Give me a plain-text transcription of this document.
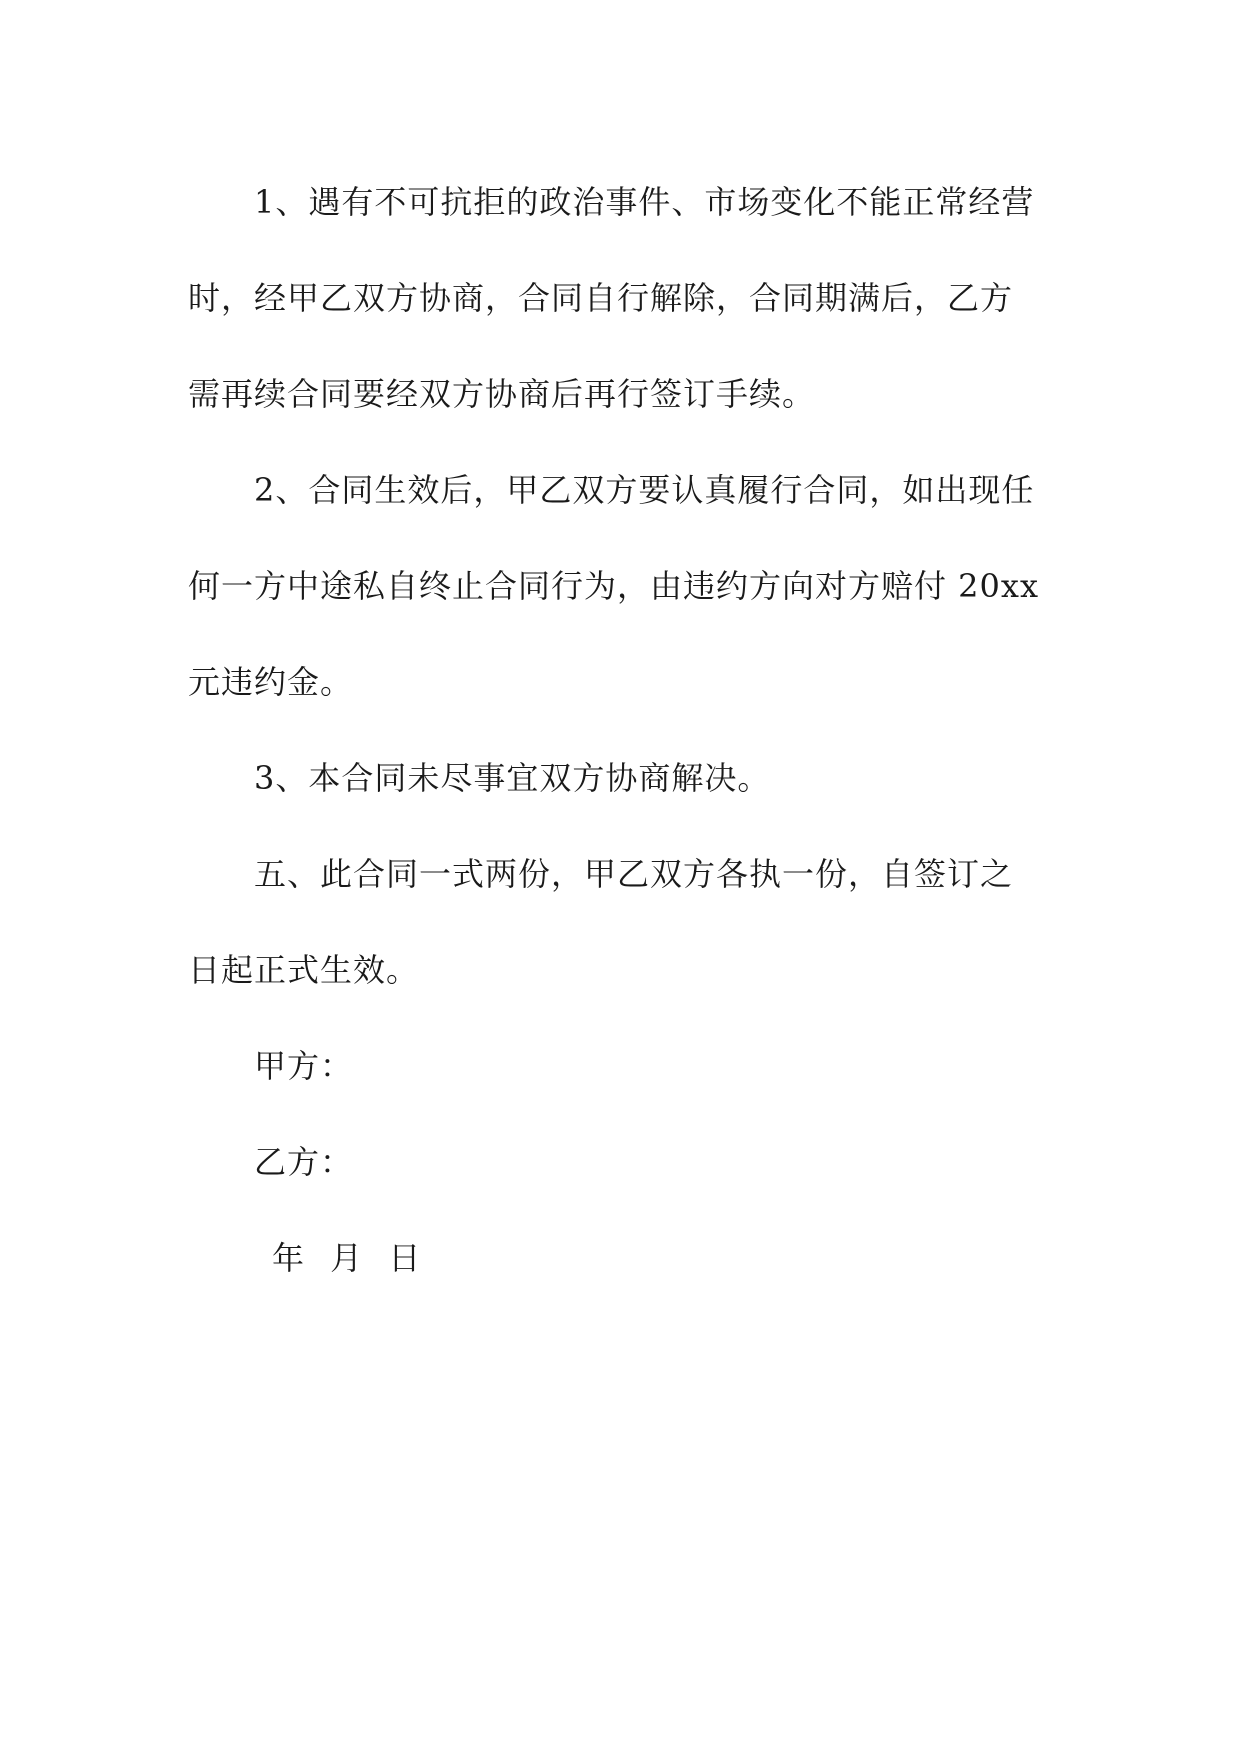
1、遇有不可抗拒的政治事件、市场变化不能正常经营

时，经甲乙双方协商，合同自行解除，合同期满后，乙方

需再续合同要经双方协商后再行签订手续。

2、合同生效后，甲乙双方要认真履行合同，如出现任

何一方中途私自终止合同行为，由违约方向对方赔付 20xx

元违约金。

3、本合同未尽事宜双方协商解决。

五、此合同一式两份，甲乙双方各执一份，自签订之

日起正式生效。

甲方：

乙方：

年 月 日
